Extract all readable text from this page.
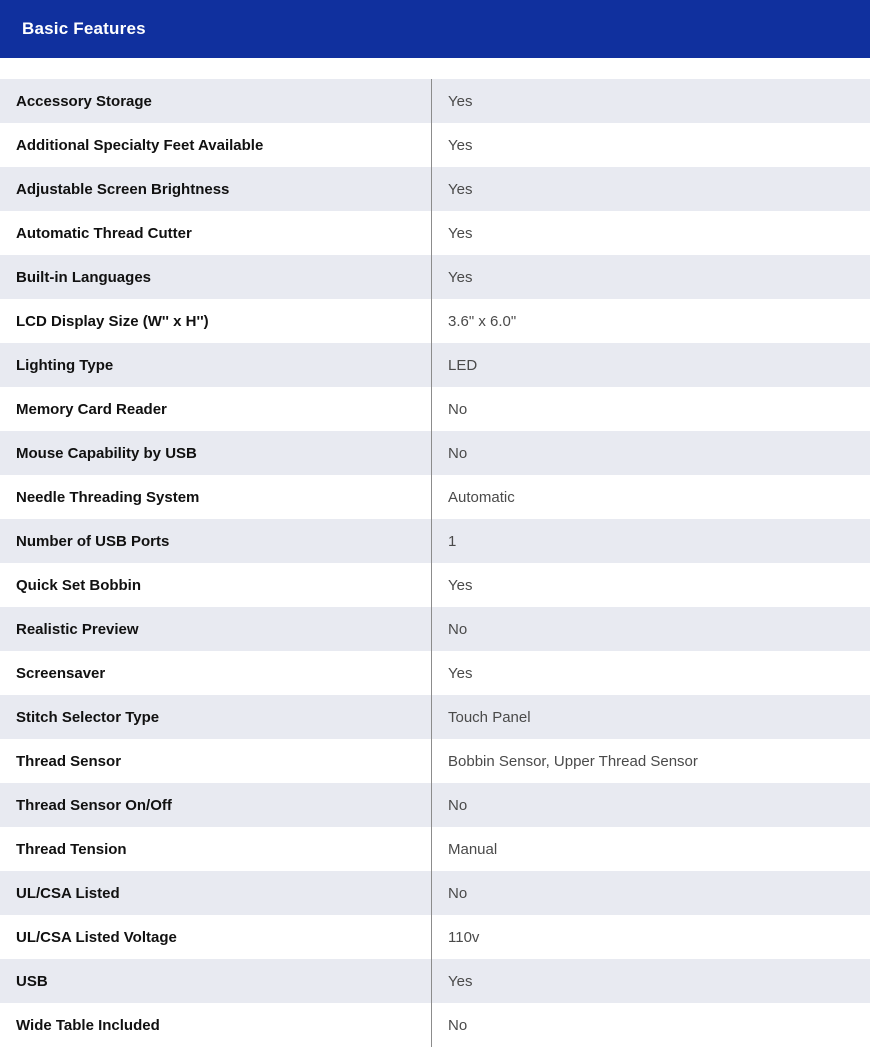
Basic Features
Accessory Storage	Yes
Additional Specialty Feet Available	Yes
Adjustable Screen Brightness	Yes
Automatic Thread Cutter	Yes
Built-in Languages	Yes
LCD Display Size (W'' x H'')	3.6" x 6.0"
Lighting Type	LED
Memory Card Reader	No
Mouse Capability by USB	No
Needle Threading System	Automatic
Number of USB Ports	1
Quick Set Bobbin	Yes
Realistic Preview	No
Screensaver	Yes
Stitch Selector Type	Touch Panel
Thread Sensor	Bobbin Sensor, Upper Thread Sensor
Thread Sensor On/Off	No
Thread Tension	Manual
UL/CSA Listed	No
UL/CSA Listed Voltage	110v
USB	Yes
Wide Table Included	No
